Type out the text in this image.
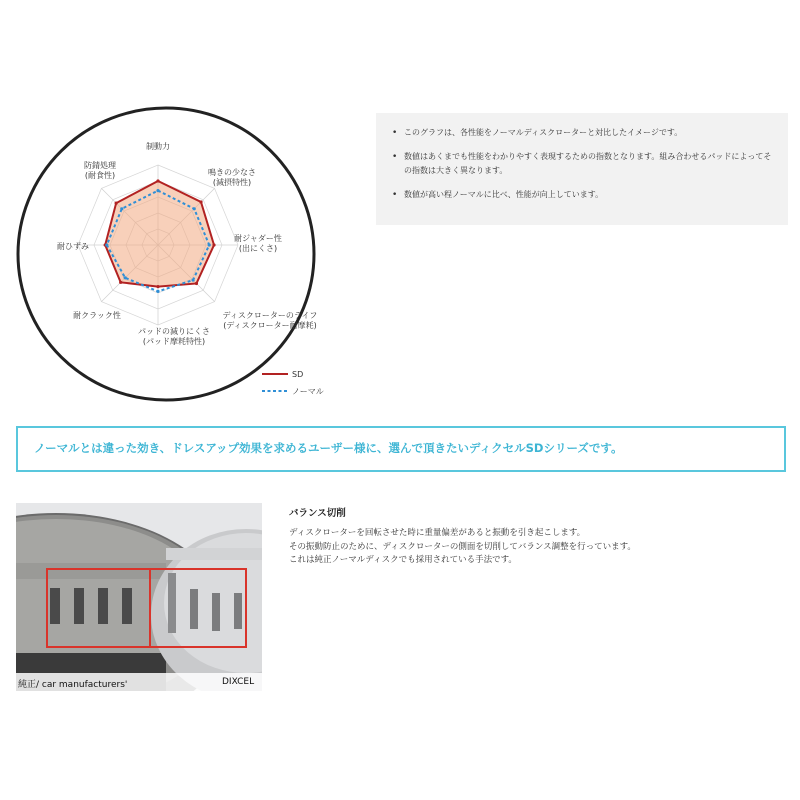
制動力
鳴きの少なさ(減摂特性)
耐ジャダー性(出にくさ)
ディスクローターのライフ(ディスクローター耐摩耗)
パッドの減りにくさ(パッド摩耗特性)
耐クラック性
耐ひずみ
防錆処理(耐食性)
SD
ノーマル
• このグラフは、各性能をノーマルディスクローターと対比したイメージです。
• 数値はあくまでも性能をわかりやすく表現するための指数となります。組み合わせるパッドによってその指数は大きく異なります。
• 数値が高い程ノーマルに比べ、性能が向上しています。
ノーマルとは違った効き、ドレスアップ効果を求めるユーザー様に、選んで頂きたいディクセルSDシリーズです。
純正/ car manufacturers'	DIXCEL
バランス切削
ディスクローターを回転させた時に重量偏差があると振動を引き起こします。
その振動防止のために、ディスクローターの側面を切削してバランス調整を行っています。
これは純正ノーマルディスクでも採用されている手法です。
